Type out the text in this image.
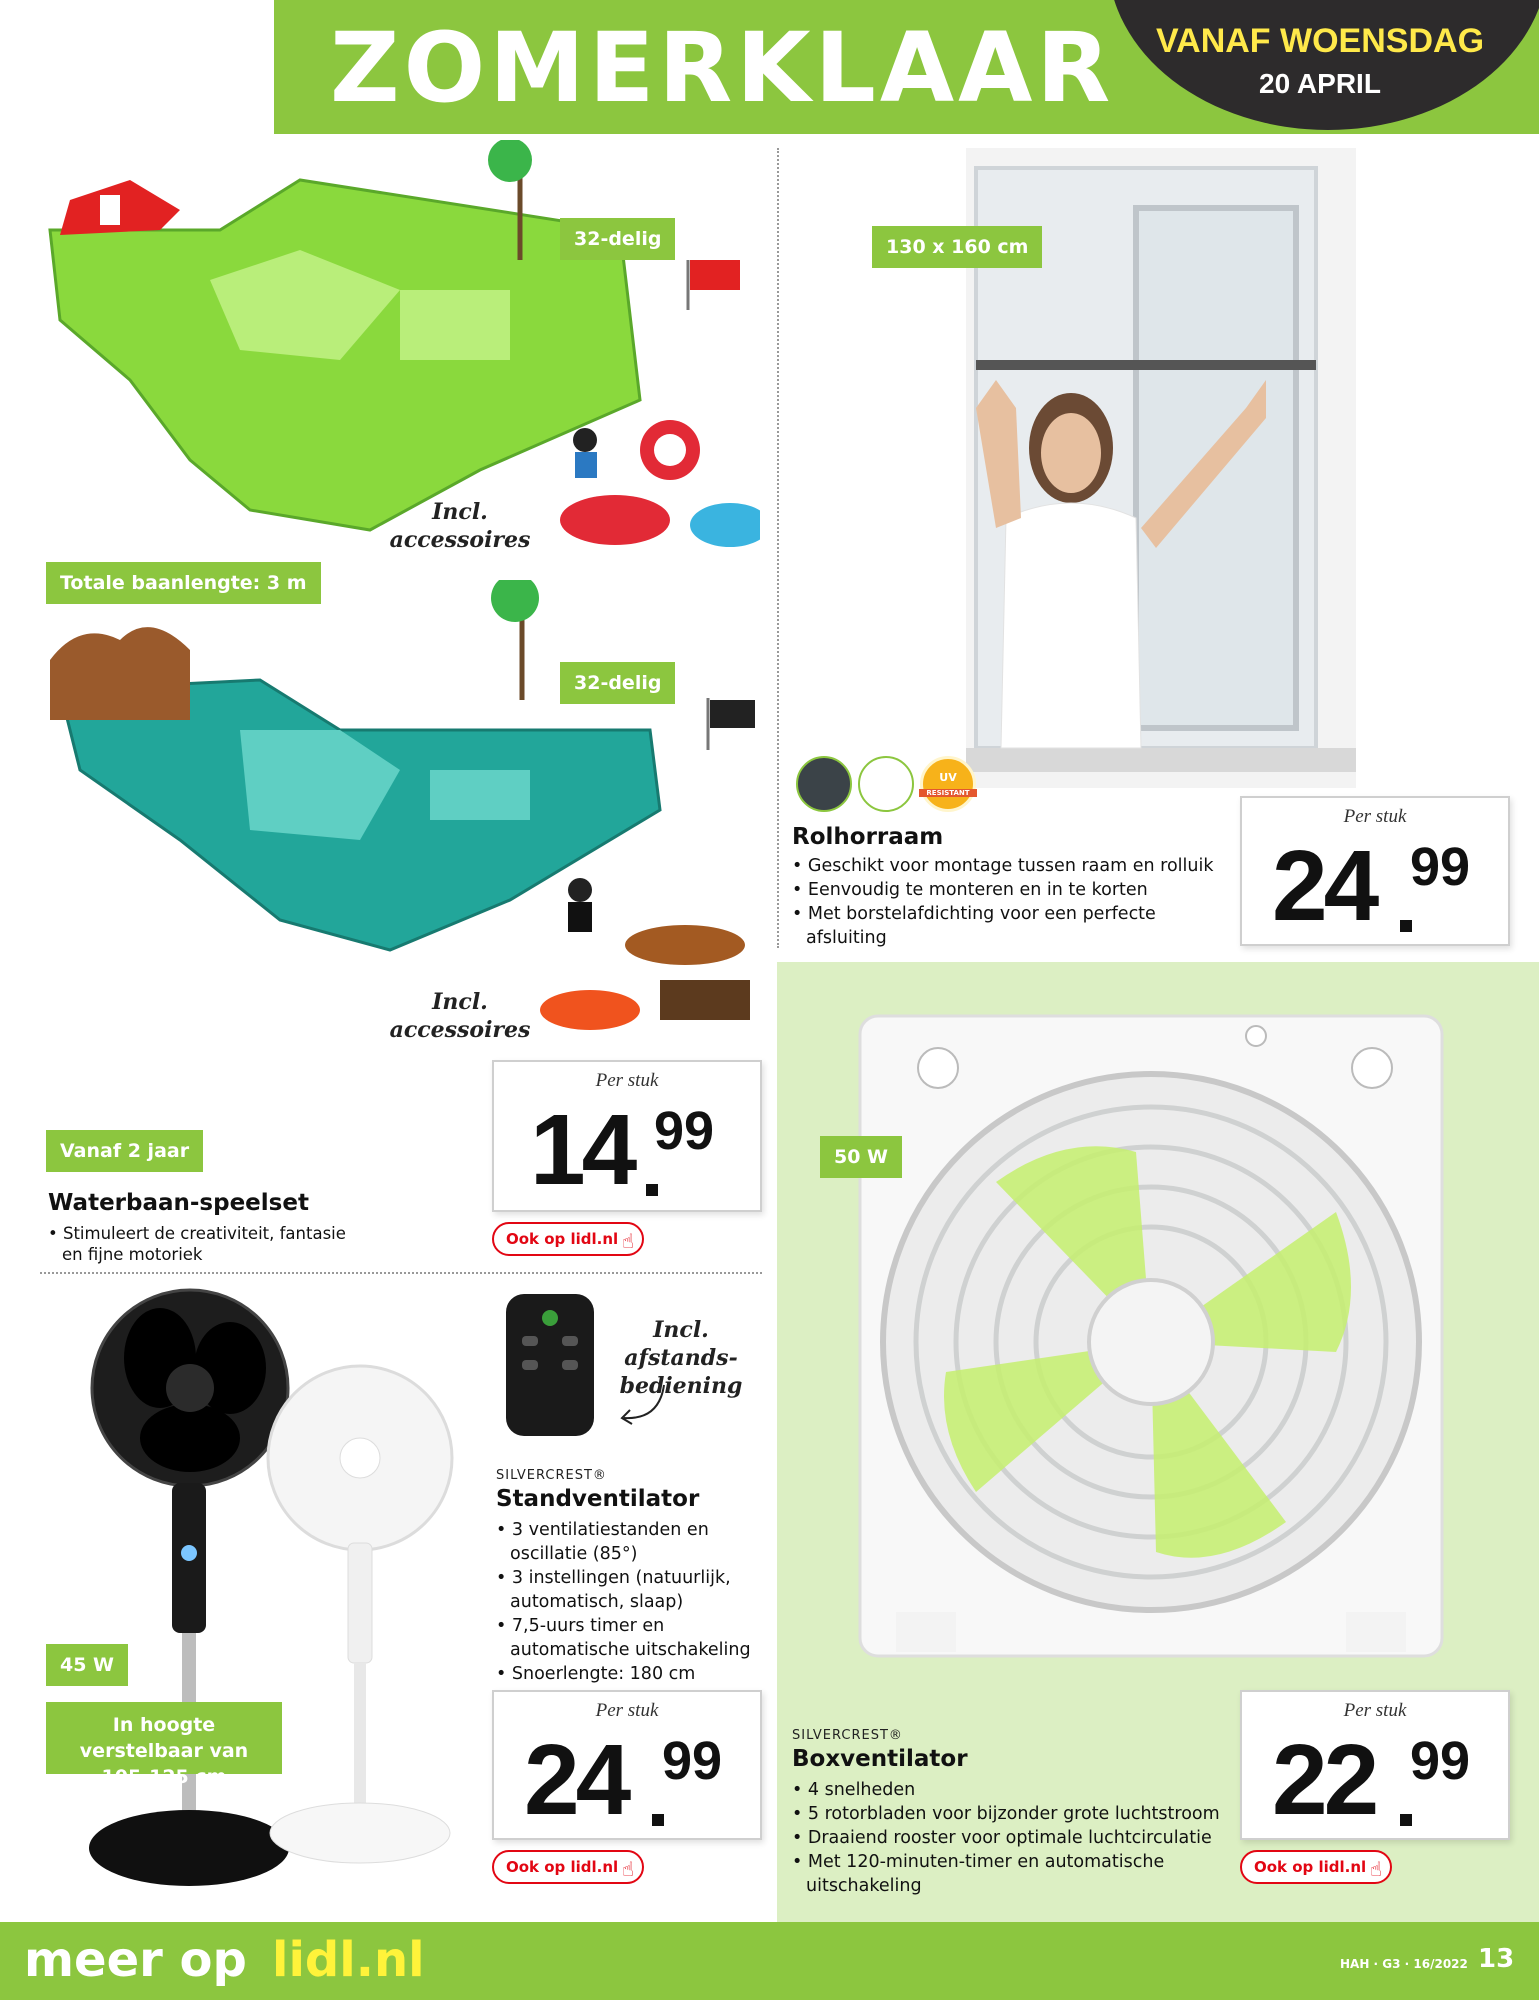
ZOMERKLAAR VANAF WOENSDAG
20 APRIL
32-delig
Incl. accessoires
Totale baanlengte: 3 m
32-delig
Incl. accessoires
Vanaf 2 jaar
Waterbaan-speelset
• Stimuleert de creativiteit, fantasie en fijne motoriek
Per stuk
14 99
Ook op lidl.nl ☝
130 x 160 cm
UV
RESISTANT
Rolhorraam
• Geschikt voor montage tussen raam en rolluik
• Eenvoudig te monteren en in te korten
• Met borstelafdichting voor een perfecte afsluiting
Per stuk
24 99
Incl. afstands-bediening
SILVERCREST®
Standventilator
• 3 ventilatiestanden en oscillatie (85°)
• 3 instellingen (natuurlijk, automatisch, slaap)
• 7,5-uurs timer en automatische uitschakeling
• Snoerlengte: 180 cm
45 W
In hoogte verstelbaar van 105-125 cm
Per stuk
24 99
Ook op lidl.nl ☝
50 W
SILVERCREST®
Boxventilator
• 4 snelheden
• 5 rotorbladen voor bijzonder grote luchtstroom
• Draaiend rooster voor optimale luchtcirculatie
• Met 120-minuten-timer en automatische uitschakeling
Per stuk
22 99
Ook op lidl.nl ☝
meer op lidl.nl	HAH · G3 · 16/2022 13
